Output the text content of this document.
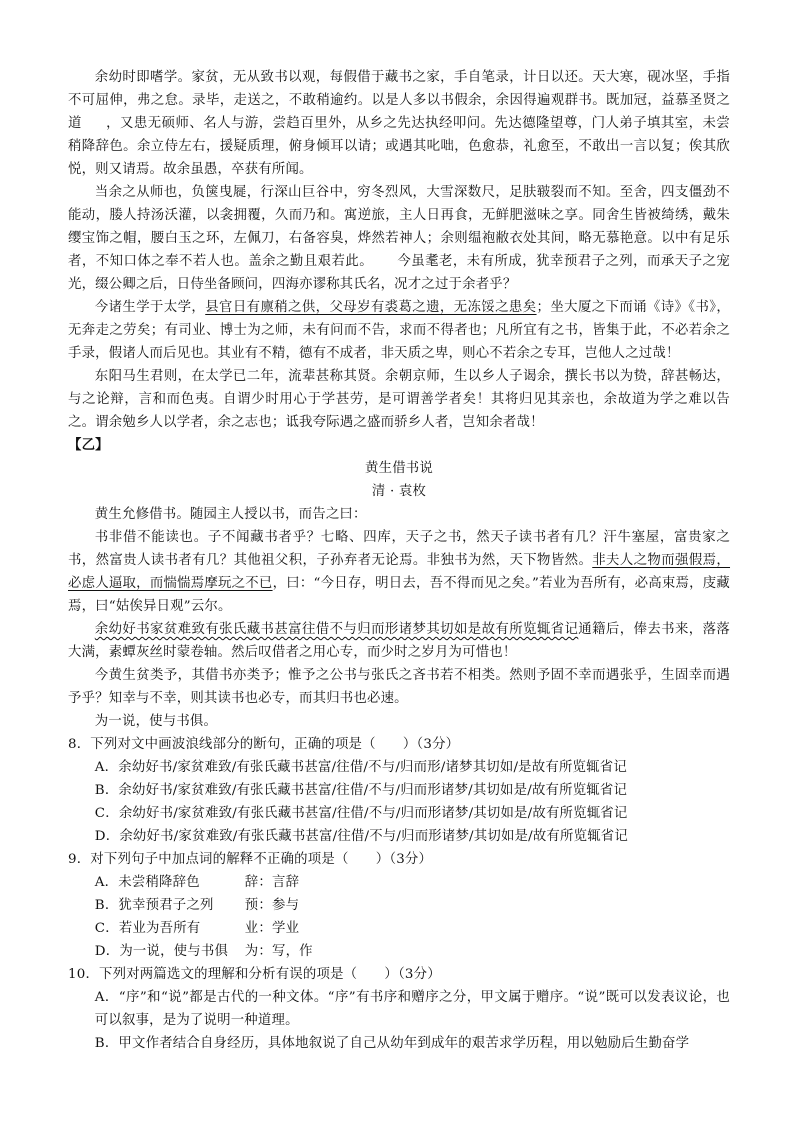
余幼时即嗜学。家贫，无从致书以观，每假借于藏书之家，手自笔录，计日以还。天大寒，砚冰坚，手指不可屈伸，弗之怠。录毕，走送之，不敢稍逾约。以是人多以书假余，余因得遍观群书。既加冠，益慕圣贤之道 ，又患无硕师、名人与游，尝趋百里外，从乡之先达执经叩问。先达德隆望尊，门人弟子填其室，未尝稍降辞色。余立侍左右，援疑质理，俯身倾耳以请；或遇其叱咄，色愈恭，礼愈至，不敢出一言以复；俟其欣悦，则又请焉。故余虽愚，卒获有所闻。

当余之从师也，负箧曳屣，行深山巨谷中，穷冬烈风，大雪深数尺，足肤皲裂而不知。至舍，四支僵劲不能动，媵人持汤沃灌，以衾拥覆，久而乃和。寓逆旅，主人日再食，无鲜肥滋味之享。同舍生皆被绮绣，戴朱缨宝饰之帽，腰白玉之环，左佩刀，右备容臭，烨然若神人；余则缊袍敝衣处其间，略无慕艳意。以中有足乐者，不知口体之奉不若人也。盖余之勤且艰若此。 今虽耄老，未有所成，犹幸预君子之列，而承天子之宠光，缀公卿之后，日侍坐备顾问，四海亦谬称其氏名，况才之过于余者乎？

今诸生学于太学，县官日有廪稍之供，父母岁有裘葛之遗，无冻馁之患矣；坐大厦之下而诵《诗》《书》，无奔走之劳矣；有司业、博士为之师，未有问而不告，求而不得者也；凡所宜有之书，皆集于此，不必若余之手录，假诸人而后见也。其业有不精，德有不成者，非天质之卑，则心不若余之专耳，岂他人之过哉！

东阳马生君则，在太学已二年，流辈甚称其贤。余朝京师，生以乡人子谒余，撰长书以为贽，辞甚畅达，与之论辩，言和而色夷。自谓少时用心于学甚劳，是可谓善学者矣！其将归见其亲也，余故道为学之难以告之。谓余勉乡人以学者，余之志也；诋我夸际遇之盛而骄乡人者，岂知余者哉！

【乙】

黄生借书说

清 · 袁枚

黄生允修借书。随园主人授以书，而告之曰：

书非借不能读也。子不闻藏书者乎？七略、四库，天子之书，然天子读书者有几？汗牛塞屋，富贵家之书，然富贵人读书者有几？其他祖父积，子孙弃者无论焉。非独书为然，天下物皆然。非夫人之物而强假焉，必虑人逼取，而惴惴焉摩玩之不已，曰：“今日存，明日去，吾不得而见之矣。”若业为吾所有，必高束焉，庋藏焉，曰“姑俟异日观”云尔。

余幼好书家贫难致有张氏藏书甚富往借不与归而形诸梦其切如是故有所览辄省记通籍后，俸去书来，落落大满，素蟫灰丝时蒙卷轴。然后叹借者之用心专，而少时之岁月为可惜也！

今黄生贫类予，其借书亦类予；惟予之公书与张氏之吝书若不相类。然则予固不幸而遇张乎，生固幸而遇予乎？知幸与不幸，则其读书也必专，而其归书也必速。

为一说，使与书俱。

8．下列对文中画波浪线部分的断句，正确的项是（　　）（3分）

A．余幼好书/家贫难致/有张氏藏书甚富/往借/不与/归而形/诸梦其切如/是故有所览辄省记

B．余幼好书/家贫难致/有张氏藏书甚富/往借/不与/归而形诸梦/其切如是/故有所览辄省记

C．余幼好书/家贫难致/有张氏藏书甚富/往借/不与/归而形诸梦/其切如是/故有所览辄省记

D．余幼好书/家贫难致/有张氏藏书甚富/往借/不与/归而形诸梦/其切如是/故有所览辄省记

9．对下列句子中加点词的解释不正确的项是（　　）（3分）

A．未尝稍降辞色	辞：言辞
B．犹幸预君子之列	预：参与
C．若业为吾所有	业：学业
D．为一说，使与书俱	为：写，作

10．下列对两篇选文的理解和分析有误的项是（　　）（3分）

A．“序”和“说”都是古代的一种文体。“序”有书序和赠序之分，甲文属于赠序。“说”既可以发表议论，也可以叙事，是为了说明一种道理。

B．甲文作者结合自身经历，具体地叙说了自己从幼年到成年的艰苦求学历程，用以勉励后生勤奋学
